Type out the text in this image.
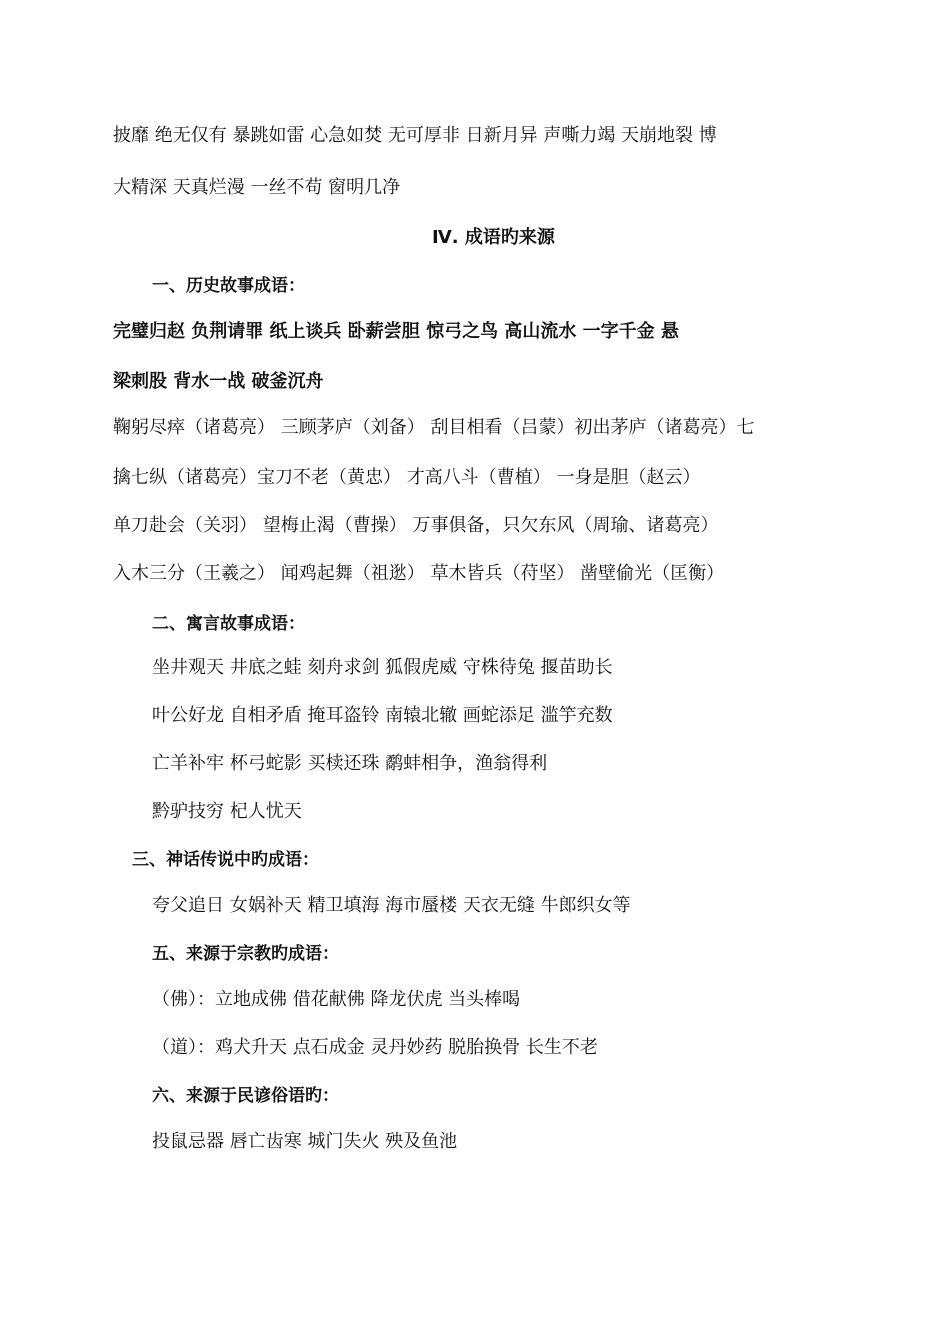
披靡 绝无仅有 暴跳如雷 心急如焚 无可厚非 日新月异 声嘶力竭 天崩地裂 博
大精深 天真烂漫 一丝不苟 窗明几净
Ⅳ. 成语旳来源
一、历史故事成语：
完璧归赵 负荆请罪 纸上谈兵 卧薪尝胆 惊弓之鸟 高山流水 一字千金 悬
梁刺股 背水一战 破釜沉舟
鞠躬尽瘁（诸葛亮） 三顾茅庐（刘备） 刮目相看（吕蒙）初出茅庐（诸葛亮）七
擒七纵（诸葛亮）宝刀不老（黄忠） 才高八斗（曹植） 一身是胆（赵云）
单刀赴会（关羽） 望梅止渴（曹操） 万事俱备，只欠东风（周瑜、诸葛亮）
入木三分（王羲之） 闻鸡起舞（祖逖） 草木皆兵（苻坚） 凿壁偷光（匡衡）
二、寓言故事成语：
坐井观天 井底之蛙 刻舟求剑 狐假虎威 守株待兔 揠苗助长
叶公好龙 自相矛盾 掩耳盗铃 南辕北辙 画蛇添足 滥竽充数
亡羊补牢 杯弓蛇影 买椟还珠 鹬蚌相争，渔翁得利
黔驴技穷 杞人忧天
三、神话传说中旳成语：
夸父追日 女娲补天 精卫填海 海市蜃楼 天衣无缝 牛郎织女等
五、来源于宗教旳成语：
（佛）：立地成佛 借花献佛 降龙伏虎 当头棒喝
（道）：鸡犬升天 点石成金 灵丹妙药 脱胎换骨 长生不老
六、来源于民谚俗语旳：
投鼠忌器 唇亡齿寒 城门失火 殃及鱼池
